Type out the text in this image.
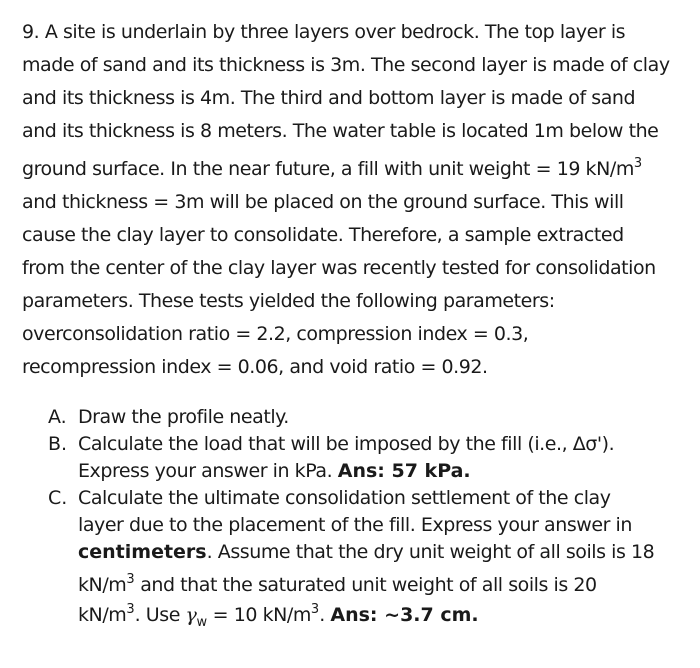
9. A site is underlain by three layers over bedrock. The top layer is
made of sand and its thickness is 3m. The second layer is made of clay
and its thickness is 4m. The third and bottom layer is made of sand
and its thickness is 8 meters. The water table is located 1m below the
ground surface. In the near future, a fill with unit weight = 19 $kN/m^3$
and thickness = 3m will be placed on the ground surface. This will
cause the clay layer to consolidate. Therefore, a sample extracted
from the center of the clay layer was recently tested for consolidation
parameters. These tests yielded the following parameters:
overconsolidation ratio = 2.2, compression index = 0.3,
recompression index = 0.06, and void ratio = 0.92.
A. Draw the profile neatly.
B. Calculate the load that will be imposed by the fill (i.e., Δσ').
Express your answer in kPa. Ans: 57 kPa.
C. Calculate the ultimate consolidation settlement of the clay
layer due to the placement of the fill. Express your answer in
centimeters. Assume that the dry unit weight of all soils is 18
$kN/m^3$ and that the saturated unit weight of all soils is 20
$kN/m^3$. Use $\gamma_w = 10$ $kN/m^3$. Ans: ~3.7 cm.
